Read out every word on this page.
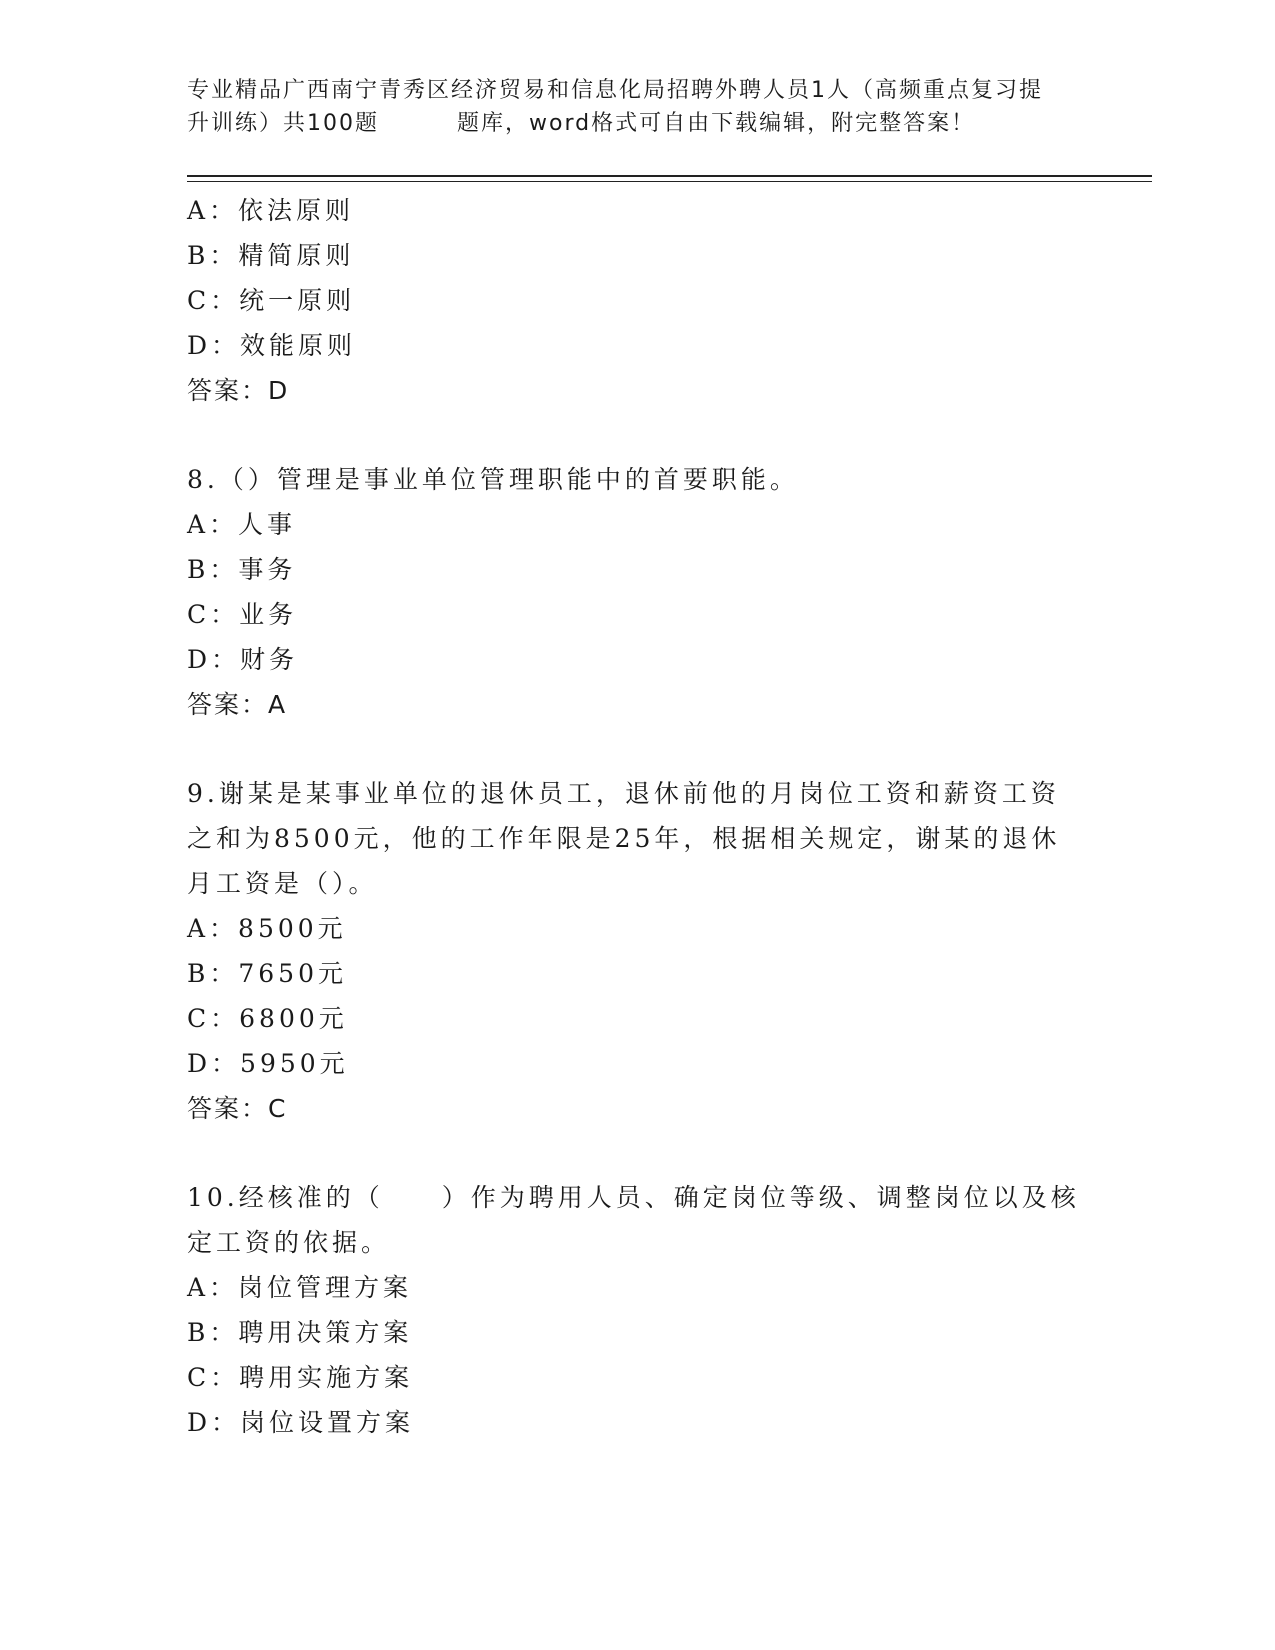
专业精品广西南宁青秀区经济贸易和信息化局招聘外聘人员1人（高频重点复习提
升训练）共100题	题库，word格式可自由下载编辑，附完整答案！
A：依法原则
B：精简原则
C：统一原则
D：效能原则
答案：D
8.（）管理是事业单位管理职能中的首要职能。
A：人事
B：事务
C：业务
D：财务
答案：A
9.谢某是某事业单位的退休员工，退休前他的月岗位工资和薪资工资
之和为8500元，他的工作年限是25年，根据相关规定，谢某的退休
月工资是（）。
A：8500元
B：7650元
C：6800元
D：5950元
答案：C
10.经核准的（　　）作为聘用人员、确定岗位等级、调整岗位以及核
定工资的依据。
A：岗位管理方案
B：聘用决策方案
C：聘用实施方案
D：岗位设置方案
